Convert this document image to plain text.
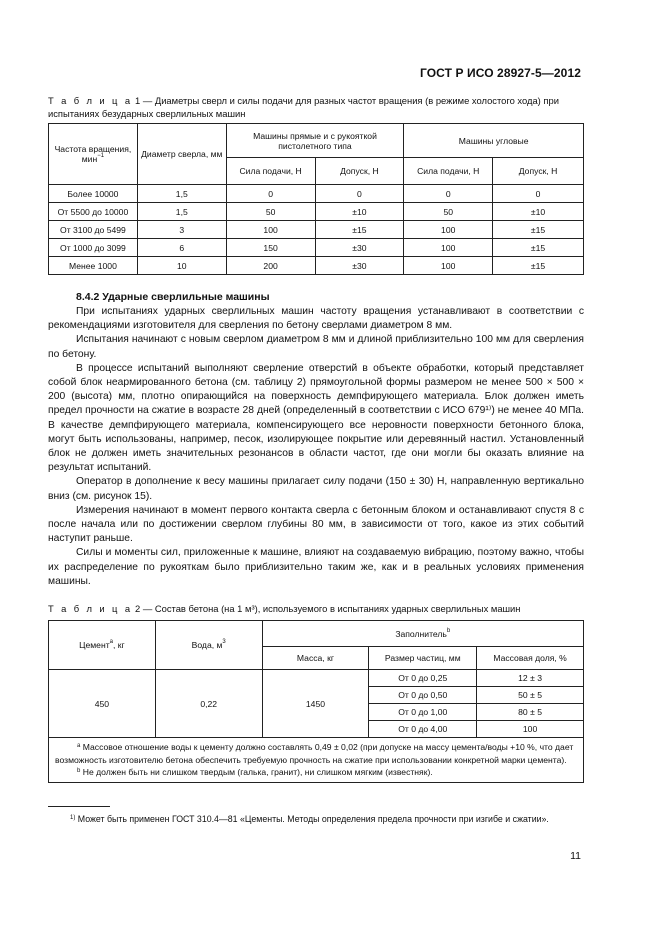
ГОСТ Р ИСО 28927-5—2012
Т а б л и ц а 1 — Диаметры сверл и силы подачи для разных частот вращения (в режиме холостого хода) при испытаниях безударных сверлильных машин
Частота вращения, мин$^{-1}$	Диаметр сверла, мм	Машины прямые и с рукояткой пистолетного типа		Машины угловые	
		Сила подачи, Н	Допуск, Н	Сила подачи, Н	Допуск, Н
Более 10000	1,5	0	0	0	0
От 5500 до 10000	1,5	50	±10	50	±10
От 3100 до 5499	3	100	±15	100	±15
От 1000 до 3099	6	150	±30	100	±15
Менее 1000	10	200	±30	100	±15
8.4.2 Ударные сверлильные машины

При испытаниях ударных сверлильных машин частоту вращения устанавливают в соответствии с рекомендациями изготовителя для сверления по бетону сверлами диаметром 8 мм.

Испытания начинают с новым сверлом диаметром 8 мм и длиной приблизительно 100 мм для сверления по бетону.

В процессе испытаний выполняют сверление отверстий в объекте обработки, который представляет собой блок неармированного бетона (см. таблицу 2) прямоугольной формы размером не менее 500 × 500 × 200 (высота) мм, плотно опирающийся на поверхность демпфирующего материала. Блок должен иметь предел прочности на сжатие в возрасте 28 дней (определенный в соответствии с ИСО 679¹⁾) не менее 40 МПа. В качестве демпфирующего материала, компенсирующего все неровности поверхности бетонного блока, могут быть использованы, например, песок, изолирующее покрытие или деревянный настил. Установленный блок не должен иметь значительных резонансов в области частот, где они могли бы оказать влияние на результат испытаний.

Оператор в дополнение к весу машины прилагает силу подачи (150 ± 30) Н, направленную вертикально вниз (см. рисунок 15).

Измерения начинают в момент первого контакта сверла с бетонным блоком и останавливают спустя 8 с после начала или по достижении сверлом глубины 80 мм, в зависимости от того, какое из этих событий наступит раньше.

Силы и моменты сил, приложенные к машине, влияют на создаваемую вибрацию, поэтому важно, чтобы их распределение по рукояткам было приблизительно таким же, как и в реальных условиях применения машины.

Т а б л и ц а 2 — Состав бетона (на 1 м³), используемого в испытаниях ударных сверлильных машин
Цемент$^a$, кг	Вода, $м^3$	Заполнитель$^b$
		Масса, кг	Размер частиц, мм	Массовая доля, %
450	0,22	1450	От 0 до 0,25	12 ± 3
			От 0 до 0,50	50 ± 5
			От 0 до 1,00	80 ± 5
			От 0 до 4,00	100

$^a$ Массовое отношение воды к цементу должно составлять 0,49 ± 0,02 (при допуске на массу цемента/воды +10 %, что дает возможность изготовителю бетона обеспечить требуемую прочность на сжатие при использовании конкретной марки цемента).
$^b$ Не должен быть ни слишком твердым (галька, гранит), ни слишком мягким (известняк).				
$^{1)}$ Может быть применен ГОСТ 310.4—81 «Цементы. Методы определения предела прочности при изгибе и сжатии».
11
